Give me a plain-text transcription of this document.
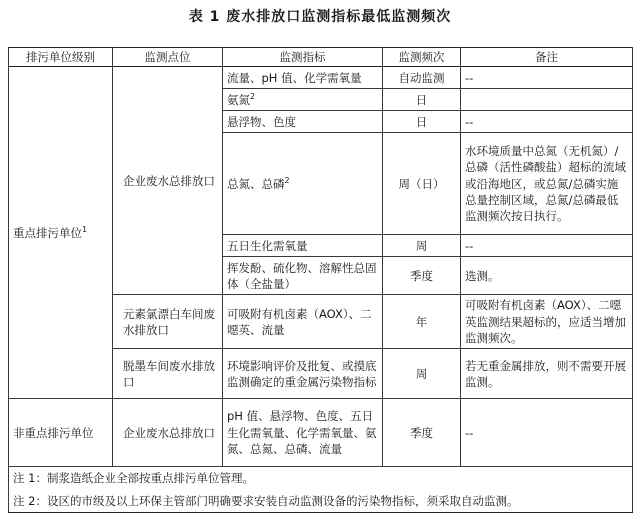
表 1 废水排放口监测指标最低监测频次
排污单位级别	监测点位	监测指标	监测频次	备注
重点排污单位$^1$	企业废水总排放口	流量、pH 值、化学需氧量	自动监测	--
		氨氮$^2$	日	
		悬浮物、色度	日	--
		总氮、总磷$^2$	周（日）	水环境质量中总氮（无机氮）/总磷（活性磷酸盐）超标的流域或沿海地区，或总氮/总磷实施总量控制区域，总氮/总磷最低监测频次按日执行。
		五日生化需氧量	周	--
		挥发酚、硫化物、溶解性总固体（全盐量）	季度	选测。
	元素氯漂白车间废水排放口	可吸附有机卤素（AOX）、二噁英、流量	年	可吸附有机卤素（AOX）、二噁英监测结果超标的，应适当增加监测频次。
	脱墨车间废水排放口	环境影响评价及批复、或摸底监测确定的重金属污染物指标	周	若无重金属排放，则不需要开展监测。
非重点排污单位	企业废水总排放口	pH 值、悬浮物、色度、五日生化需氧量、化学需氧量、氨氮、总氮、总磷、流量	季度	--
注 1：制浆造纸企业全部按重点排污单位管理。				
注 2：设区的市级及以上环保主管部门明确要求安装自动监测设备的污染物指标，须采取自动监测。				
